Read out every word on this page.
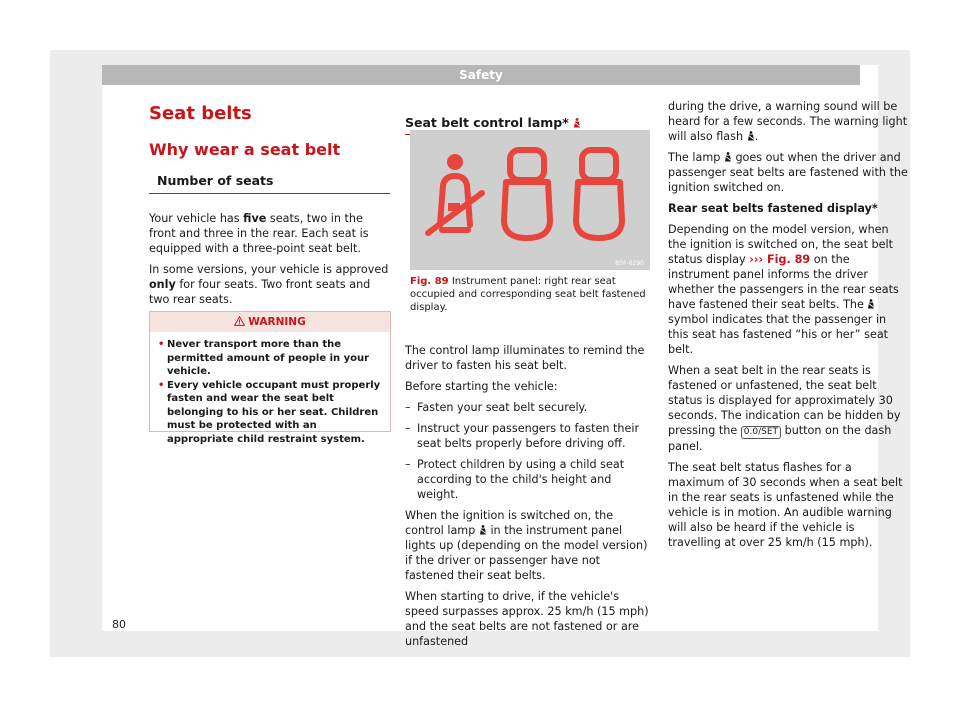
Safety
Seat belts
Why wear a seat belt
Number of seats

Your vehicle has five seats, two in the front and three in the rear. Each seat is equipped with a three-point seat belt.

In some versions, your vehicle is approved only for four seats. Two front seats and two rear seats.

WARNING
• Never transport more than the permitted amount of people in your vehicle.
• Every vehicle occupant must properly fasten and wear the seat belt belonging to his or her seat. Children must be protected with an appropriate child restraint system.
Seat belt control lamp*
B5F-0290
Fig. 89 Instrument panel: right rear seat occupied and corresponding seat belt fastened display.

The control lamp illuminates to remind the driver to fasten his seat belt.

Before starting the vehicle:

– Fasten your seat belt securely.

– Instruct your passengers to fasten their seat belts properly before driving off.

– Protect children by using a child seat according to the child's height and weight.

When the ignition is switched on, the control lamp in the instrument panel lights up (depending on the model version) if the driver or passenger have not fastened their seat belts.

When starting to drive, if the vehicle's speed surpasses approx. 25 km/h (15 mph) and the seat belts are not fastened or are unfastened

during the drive, a warning sound will be heard for a few seconds. The warning light will also flash .

The lamp goes out when the driver and passenger seat belts are fastened with the ignition switched on.

Rear seat belts fastened display*

Depending on the model version, when the ignition is switched on, the seat belt status display ››› Fig. 89 on the instrument panel informs the driver whether the passengers in the rear seats have fastened their seat belts. The  symbol indicates that the passenger in this seat has fastened “his or her” seat belt.

When a seat belt in the rear seats is fastened or unfastened, the seat belt status is displayed for approximately 30 seconds. The indication can be hidden by pressing the 0.0/SET button on the dash panel.

The seat belt status flashes for a maximum of 30 seconds when a seat belt in the rear seats is unfastened while the vehicle is in motion. An audible warning will also be heard if the vehicle is travelling at over 25 km/h (15 mph).

80
